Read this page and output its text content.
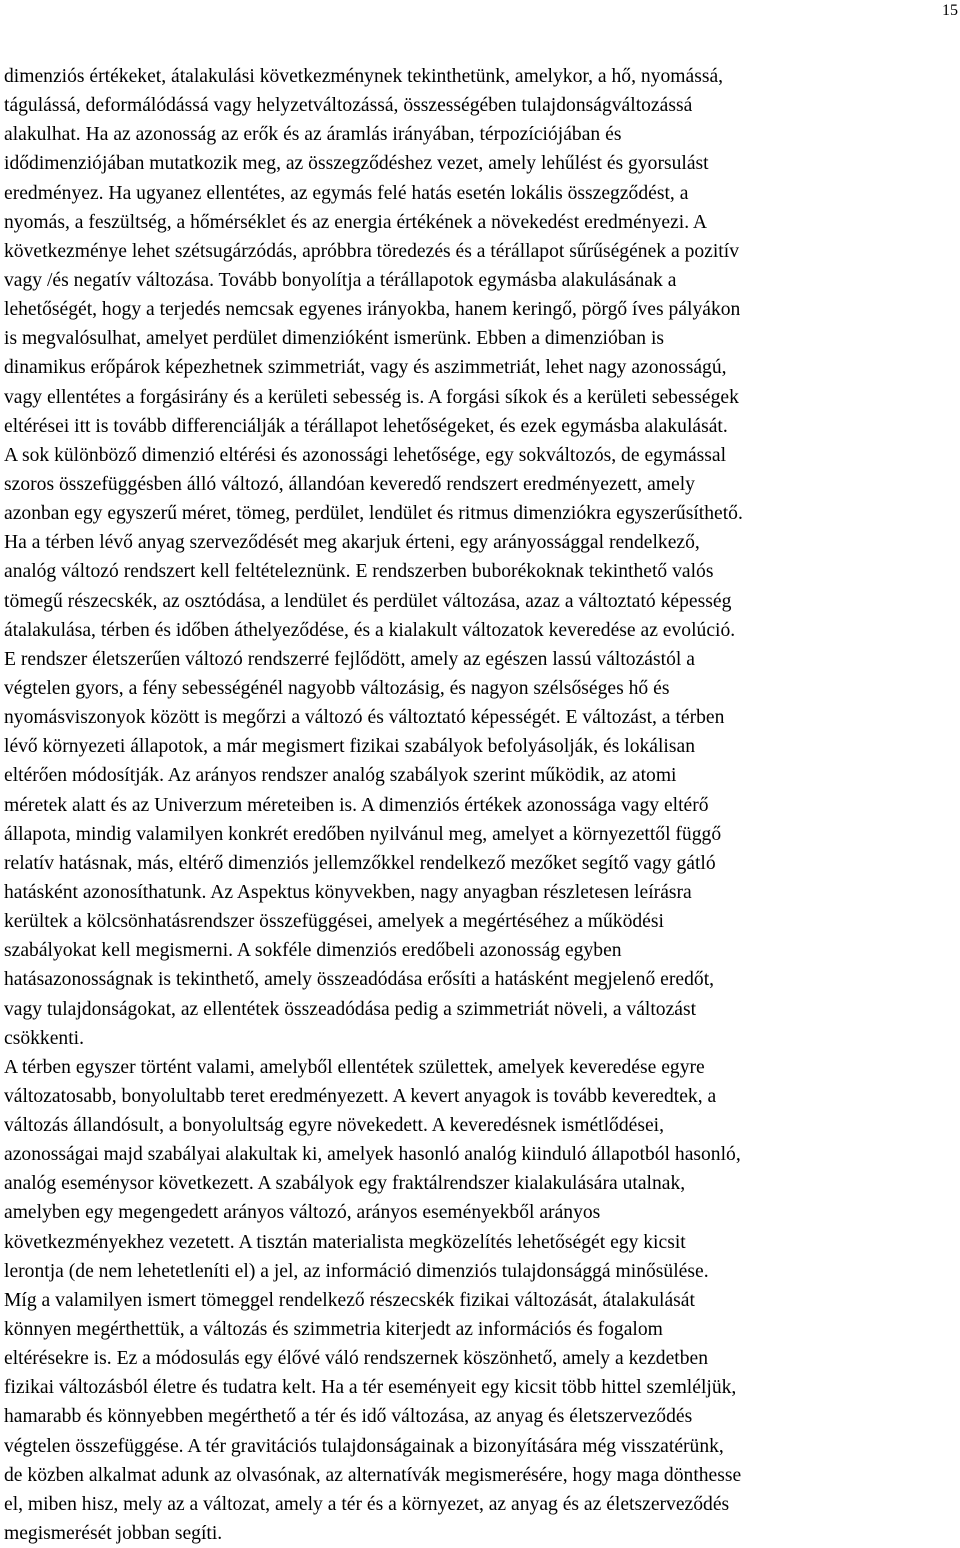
15
dimenziós értékeket, átalakulási következménynek tekinthetünk, amelykor, a hő, nyomássá,
tágulássá, deformálódássá vagy helyzetváltozássá, összességében tulajdonságváltozássá
alakulhat. Ha az azonosság az erők és az áramlás irányában, térpozíciójában és
idődimenziójában mutatkozik meg, az összegződéshez vezet, amely lehűlést és gyorsulást
eredményez. Ha ugyanez ellentétes, az egymás felé hatás esetén lokális összegződést, a
nyomás, a feszültség, a hőmérséklet és az energia értékének a növekedést eredményezi. A
következménye lehet szétsugárzódás, apróbbra töredezés és a térállapot sűrűségének a pozitív
vagy /és negatív változása. Tovább bonyolítja a térállapotok egymásba alakulásának a
lehetőségét, hogy a terjedés nemcsak egyenes irányokba, hanem keringő, pörgő íves pályákon
is megvalósulhat, amelyet perdület dimenzióként ismerünk. Ebben a dimenzióban is
dinamikus erőpárok képezhetnek szimmetriát, vagy és aszimmetriát, lehet nagy azonosságú,
vagy ellentétes a forgásirány és a kerületi sebesség is. A forgási síkok és a kerületi sebességek
eltérései itt is tovább differenciálják a térállapot lehetőségeket, és ezek egymásba alakulását.
A sok különböző dimenzió eltérési és azonossági lehetősége, egy sokváltozós, de egymással
szoros összefüggésben álló változó, állandóan keveredő rendszert eredményezett, amely
azonban egy egyszerű méret, tömeg, perdület, lendület és ritmus dimenziókra egyszerűsíthető.
Ha a térben lévő anyag szerveződését meg akarjuk érteni, egy arányossággal rendelkező,
analóg változó rendszert kell feltételeznünk. E rendszerben buborékoknak tekinthető valós
tömegű részecskék, az osztódása, a lendület és perdület változása, azaz a változtató képesség
átalakulása, térben és időben áthelyeződése, és a kialakult változatok keveredése az evolúció.
E rendszer életszerűen változó rendszerré fejlődött, amely az egészen lassú változástól a
végtelen gyors, a fény sebességénél nagyobb változásig, és nagyon szélsőséges hő és
nyomásviszonyok között is megőrzi a változó és változtató képességét. E változást, a térben
lévő környezeti állapotok, a már megismert fizikai szabályok befolyásolják, és lokálisan
eltérően módosítják. Az arányos rendszer analóg szabályok szerint működik, az atomi
méretek alatt és az Univerzum méreteiben is. A dimenziós értékek azonossága vagy eltérő
állapota, mindig valamilyen konkrét eredőben nyilvánul meg, amelyet a környezettől függő
relatív hatásnak, más, eltérő dimenziós jellemzőkkel rendelkező mezőket segítő vagy gátló
hatásként azonosíthatunk. Az Aspektus könyvekben, nagy anyagban részletesen leírásra
kerültek a kölcsönhatásrendszer összefüggései, amelyek a megértéséhez a működési
szabályokat kell megismerni. A sokféle dimenziós eredőbeli azonosság egyben
hatásazonosságnak is tekinthető, amely összeadódása erősíti a hatásként megjelenő eredőt,
vagy tulajdonságokat, az ellentétek összeadódása pedig a szimmetriát növeli, a változást
csökkenti.
A térben egyszer történt valami, amelyből ellentétek születtek, amelyek keveredése egyre
változatosabb, bonyolultabb teret eredményezett. A kevert anyagok is tovább keveredtek, a
változás állandósult, a bonyolultság egyre növekedett. A keveredésnek ismétlődései,
azonosságai majd szabályai alakultak ki, amelyek hasonló analóg kiinduló állapotból hasonló,
analóg eseménysor következett. A szabályok egy fraktálrendszer kialakulására utalnak,
amelyben egy megengedett arányos változó, arányos eseményekből arányos
következményekhez vezetett. A tisztán materialista megközelítés lehetőségét egy kicsit
lerontja (de nem lehetetleníti el) a jel, az információ dimenziós tulajdonsággá minősülése.
Míg a valamilyen ismert tömeggel rendelkező részecskék fizikai változását, átalakulását
könnyen megérthettük, a változás és szimmetria kiterjedt az információs és fogalom
eltérésekre is. Ez a módosulás egy élővé váló rendszernek köszönhető, amely a kezdetben
fizikai változásból életre és tudatra kelt. Ha a tér eseményeit egy kicsit több hittel szemléljük,
hamarabb és könnyebben megérthető a tér és idő változása, az anyag és életszerveződés
végtelen összefüggése. A tér gravitációs tulajdonságainak a bizonyítására még visszatérünk,
de közben alkalmat adunk az olvasónak, az alternatívák megismerésére, hogy maga dönthesse
el, miben hisz, mely az a változat, amely a tér és a környezet, az anyag és az életszerveződés
megismerését jobban segíti.
